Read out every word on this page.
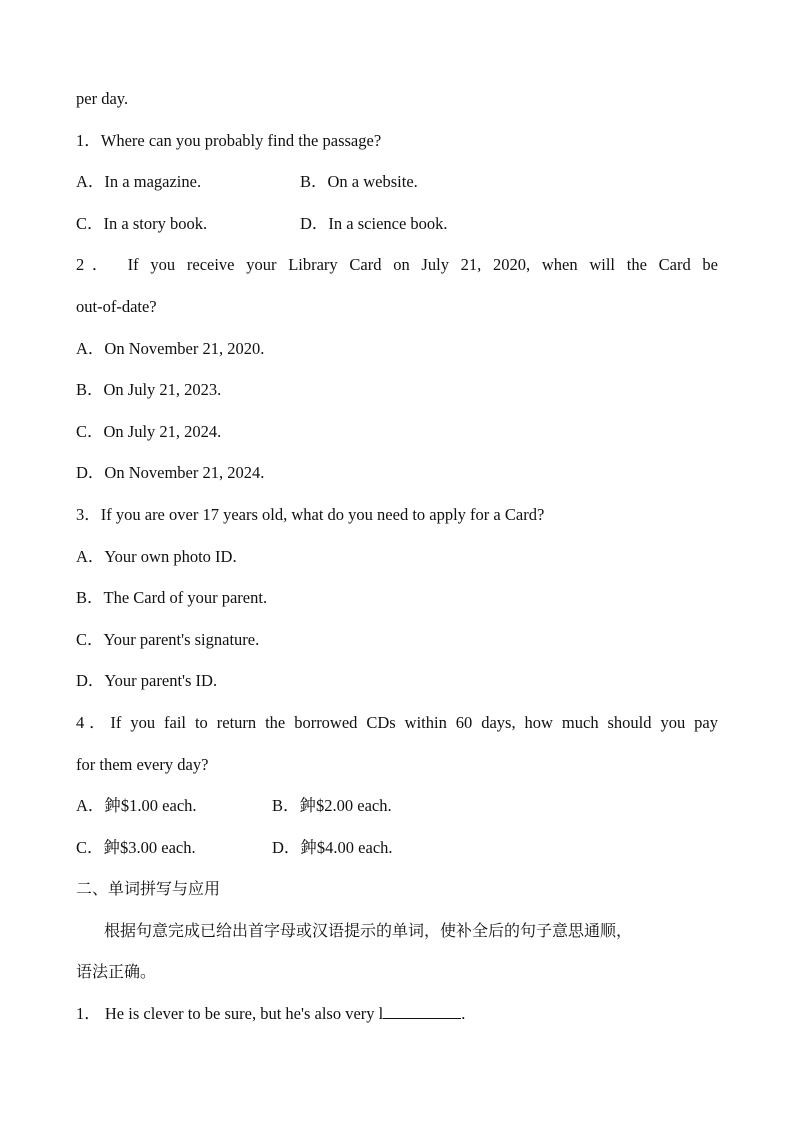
per day.
1．Where can you probably find the passage?
A．In a magazine.	B．On a website.
C．In a story book.	D．In a science book.
2． If you receive your Library Card on July 21, 2020, when will the Card be
out-of-date?
A．On November 21, 2020.
B．On July 21, 2023.
C．On July 21, 2024.
D．On November 21, 2024.
3．If you are over 17 years old, what do you need to apply for a Card?
A．Your own photo ID.
B．The Card of your parent.
C．Your parent's signature.
D．Your parent's ID.
4．If you fail to return the borrowed CDs within 60 days, how much should you pay
for them every day?
A．鈡$1.00 each.	B．鈡$2.00 each.
C．鈡$3.00 each.	D．鈡$4.00 each.
二、单词拼写与应用
根据句意完成已给出首字母或汉语提示的单词，使补全后的句子意思通顺，
语法正确。
1． He is clever to be sure, but he's also very l	.
